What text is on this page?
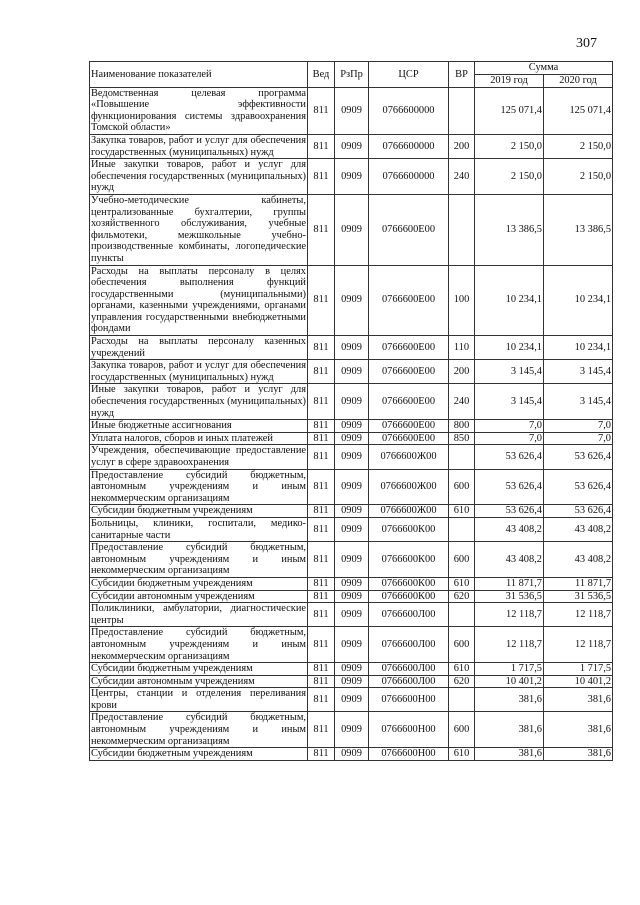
307
Наименование показателей	Вед	РзПр	ЦСР	ВР	Сумма	
					2019 год	2020 год
Ведомственная целевая программа «Повышение эффективности функционирования системы здравоохранения Томской области»	811	0909	0766600000		125 071,4	125 071,4
Закупка товаров, работ и услуг для обеспечения государственных (муниципальных) нужд	811	0909	0766600000	200	2 150,0	2 150,0
Иные закупки товаров, работ и услуг для обеспечения государственных (муниципальных) нужд	811	0909	0766600000	240	2 150,0	2 150,0
Учебно-методические кабинеты, централизованные бухгалтерии, группы хозяйственного обслуживания, учебные фильмотеки, межшкольные учебно-производственные комбинаты, логопедические пункты	811	0909	0766600Е00		13 386,5	13 386,5
Расходы на выплаты персоналу в целях обеспечения выполнения функций государственными (муниципальными) органами, казенными учреждениями, органами управления государственными внебюджетными фондами	811	0909	0766600Е00	100	10 234,1	10 234,1
Расходы на выплаты персоналу казенных учреждений	811	0909	0766600Е00	110	10 234,1	10 234,1
Закупка товаров, работ и услуг для обеспечения государственных (муниципальных) нужд	811	0909	0766600Е00	200	3 145,4	3 145,4
Иные закупки товаров, работ и услуг для обеспечения государственных (муниципальных) нужд	811	0909	0766600Е00	240	3 145,4	3 145,4
Иные бюджетные ассигнования	811	0909	0766600Е00	800	7,0	7,0
Уплата налогов, сборов и иных платежей	811	0909	0766600Е00	850	7,0	7,0
Учреждения, обеспечивающие предоставление услуг в сфере здравоохранения	811	0909	0766600Ж00		53 626,4	53 626,4
Предоставление субсидий бюджетным, автономным учреждениям и иным некоммерческим организациям	811	0909	0766600Ж00	600	53 626,4	53 626,4
Субсидии бюджетным учреждениям	811	0909	0766600Ж00	610	53 626,4	53 626,4
Больницы, клиники, госпитали, медико-санитарные части	811	0909	0766600К00		43 408,2	43 408,2
Предоставление субсидий бюджетным, автономным учреждениям и иным некоммерческим организациям	811	0909	0766600К00	600	43 408,2	43 408,2
Субсидии бюджетным учреждениям	811	0909	0766600К00	610	11 871,7	11 871,7
Субсидии автономным учреждениям	811	0909	0766600К00	620	31 536,5	31 536,5
Поликлиники, амбулатории, диагностические центры	811	0909	0766600Л00		12 118,7	12 118,7
Предоставление субсидий бюджетным, автономным учреждениям и иным некоммерческим организациям	811	0909	0766600Л00	600	12 118,7	12 118,7
Субсидии бюджетным учреждениям	811	0909	0766600Л00	610	1 717,5	1 717,5
Субсидии автономным учреждениям	811	0909	0766600Л00	620	10 401,2	10 401,2
Центры, станции и отделения переливания крови	811	0909	0766600Н00		381,6	381,6
Предоставление субсидий бюджетным, автономным учреждениям и иным некоммерческим организациям	811	0909	0766600Н00	600	381,6	381,6
Субсидии бюджетным учреждениям	811	0909	0766600Н00	610	381,6	381,6
